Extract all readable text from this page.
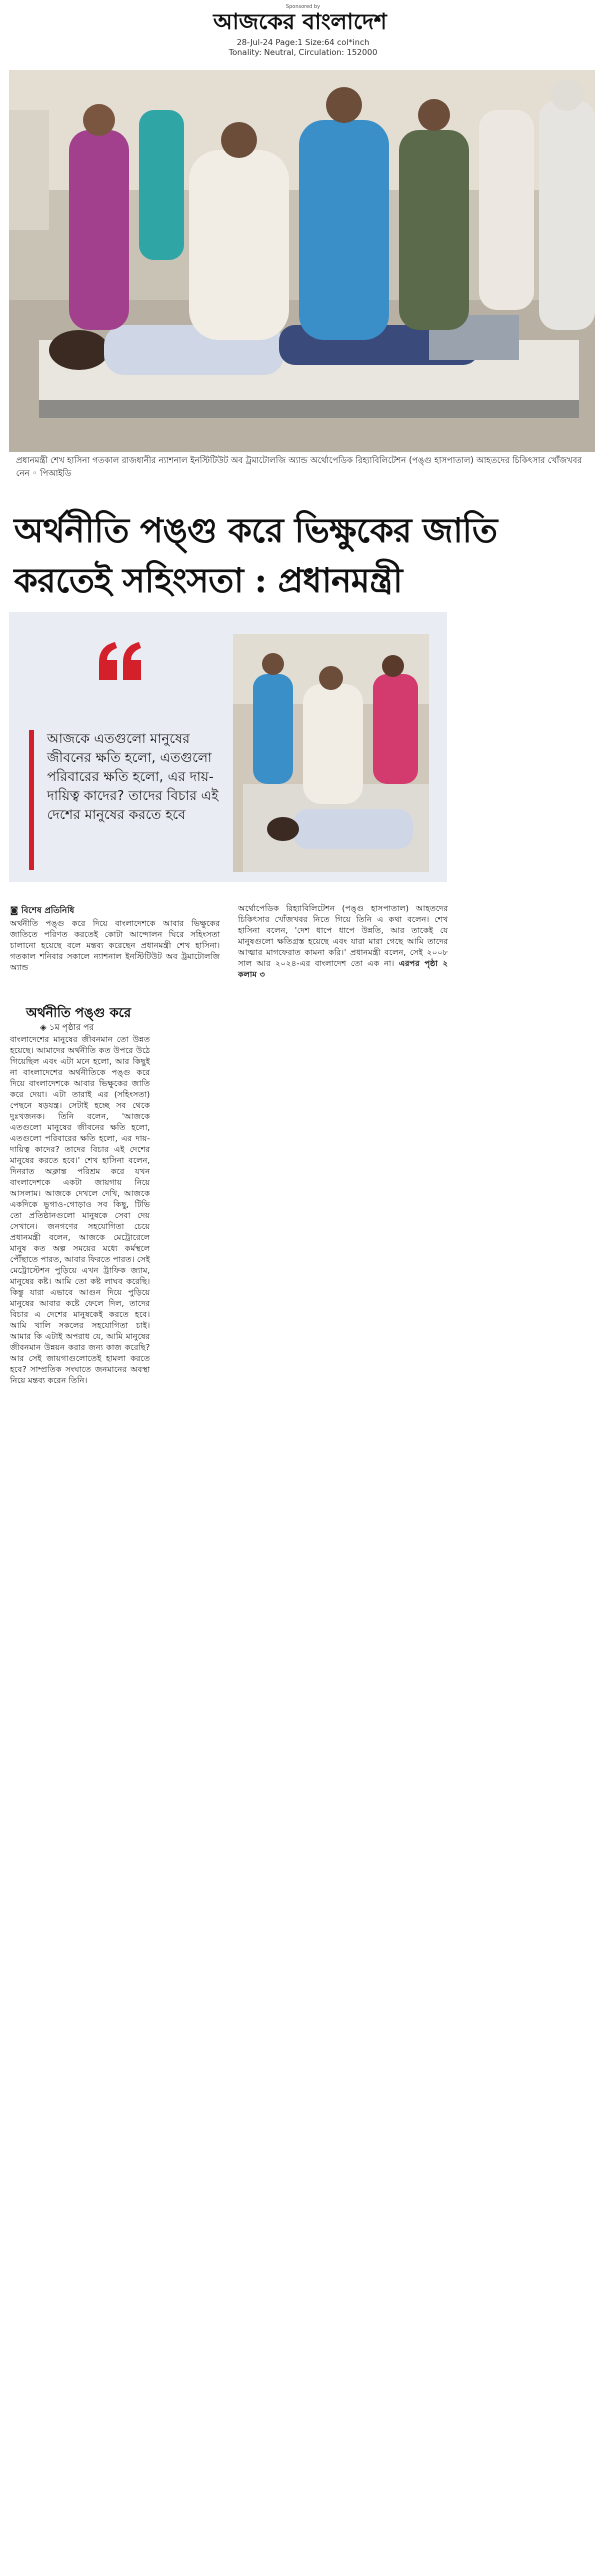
Sponsored by
আজকের বাংলাদেশ
28-Jul-24 Page:1 Size:64 col*inch
Tonality: Neutral, Circulation: 152000
প্রধানমন্ত্রী শেখ হাসিনা গতকাল রাজধানীর ন্যাশনাল ইনস্টিটিউট অব ট্রমাটোলজি অ্যান্ড অর্থোপেডিক রিহ্যাবিলিটেশন (পঙ্গু হাসপাতাল) আহতদের চিকিৎসার খোঁজখবর নেন ◦ পিআইডি
অর্থনীতি পঙ্গু করে ভিক্ষুকের জাতি করতেই সহিংসতা : প্রধানমন্ত্রী
আজকে এতগুলো মানুষের জীবনের ক্ষতি হলো, এতগুলো পরিবারের ক্ষতি হলো, এর দায়-দায়িত্ব কাদের? তাদের বিচার এই দেশের মানুষের করতে হবে
◙ বিশেষ প্রতিনিধি
অর্থনীতি পঙ্গু করে দিয়ে বাংলাদেশকে আবার ভিক্ষুকের জাতিতে পরিণত করতেই কোটা আন্দোলন ঘিরে সহিংসতা চালানো হয়েছে বলে মন্তব্য করেছেন প্রধানমন্ত্রী শেখ হাসিনা। গতকাল শনিবার সকালে ন্যাশনাল ইনস্টিটিউট অব ট্রমাটোলজি অ্যান্ড
অর্থোপেডিক রিহ্যাবিলিটেশন (পঙ্গু হাসপাতাল) আহতদের চিকিৎসার খোঁজখবর নিতে গিয়ে তিনি এ কথা বলেন। শেখ হাসিনা বলেন, 'দেশ ধাপে ধাপে উন্নতি, আর তাকেই যে মানুষগুলো ক্ষতিগ্রস্ত হয়েছে এবং যারা মারা গেছে আমি তাদের আত্মার মাগফেরাত কামনা করি।' প্রধানমন্ত্রী বলেন, সেই ২০০৮ সাল আর ২০২৪-এর বাংলাদেশ তো এক না। এরপর পৃষ্ঠা ২ কলাম ৩
অর্থনীতি পঙ্গু করে
◈ ১ম পৃষ্ঠার পর
বাংলাদেশের মানুষের জীবনমান তো উন্নত হয়েছে। আমাদের অর্থনীতি কত উপরে উঠে গিয়েছিল এবং এটা মনে হলো, আর কিছুই না বাংলাদেশের অর্থনীতিকে পঙ্গু করে দিয়ে বাংলাদেশকে আবার ভিক্ষুকের জাতি করে দেয়া। এটা তারাই এর (সহিংসতা) পেছনে ষড়যন্ত্র। সেটাই হচ্ছে সব থেকে দুঃখজনক। তিনি বলেন, 'আজকে এতগুলো মানুষের জীবনের ক্ষতি হলো, এতগুলো পরিবারের ক্ষতি হলো, এর দায়-দায়িত্ব কাদের? তাদের বিচার এই দেশের মানুষের করতে হবে।' শেখ হাসিনা বলেন, দিনরাত অক্লান্ত পরিশ্রম করে যখন বাংলাদেশকে একটা জায়গায় নিয়ে আসলাম। আজকে দেখলে দেখি, আজকে একদিকে ভুগাও-গোড়াও সব কিছু, টিভি তো প্রতিষ্ঠানগুলো মানুষকে সেবা দেয় সেখানে। জনগণের সহযোগিতা চেয়ে প্রধানমন্ত্রী বলেন, আজকে মেট্রোরেলে মানুষ কত অল্প সময়ের মধ্যে কর্মস্থলে পৌঁছাতে পারত, আবার ফিরতে পারত। সেই মেট্রোস্টেশন পুড়িয়ে এখন ট্রাফিক জ্যাম, মানুষের কষ্ট। আমি তো কষ্ট লাঘব করেছি। কিন্তু যারা এভাবে আগুন দিয়ে পুড়িয়ে মানুষের আবার কষ্টে ফেলে দিল, তাদের বিচার এ দেশের মানুষকেই করতে হবে। আমি খালি সকলের সহযোগিতা চাই। আমার কি এটাই অপরাধ যে, আমি মানুষের জীবনমান উন্নয়ন করার জন্য কাজ করেছি? আর সেই জায়গাগুলোতেই হামলা করতে হবে? সাম্প্রতিক সংঘাতে জনমানের অবস্থা নিয়ে মন্তব্য করেন তিনি।
